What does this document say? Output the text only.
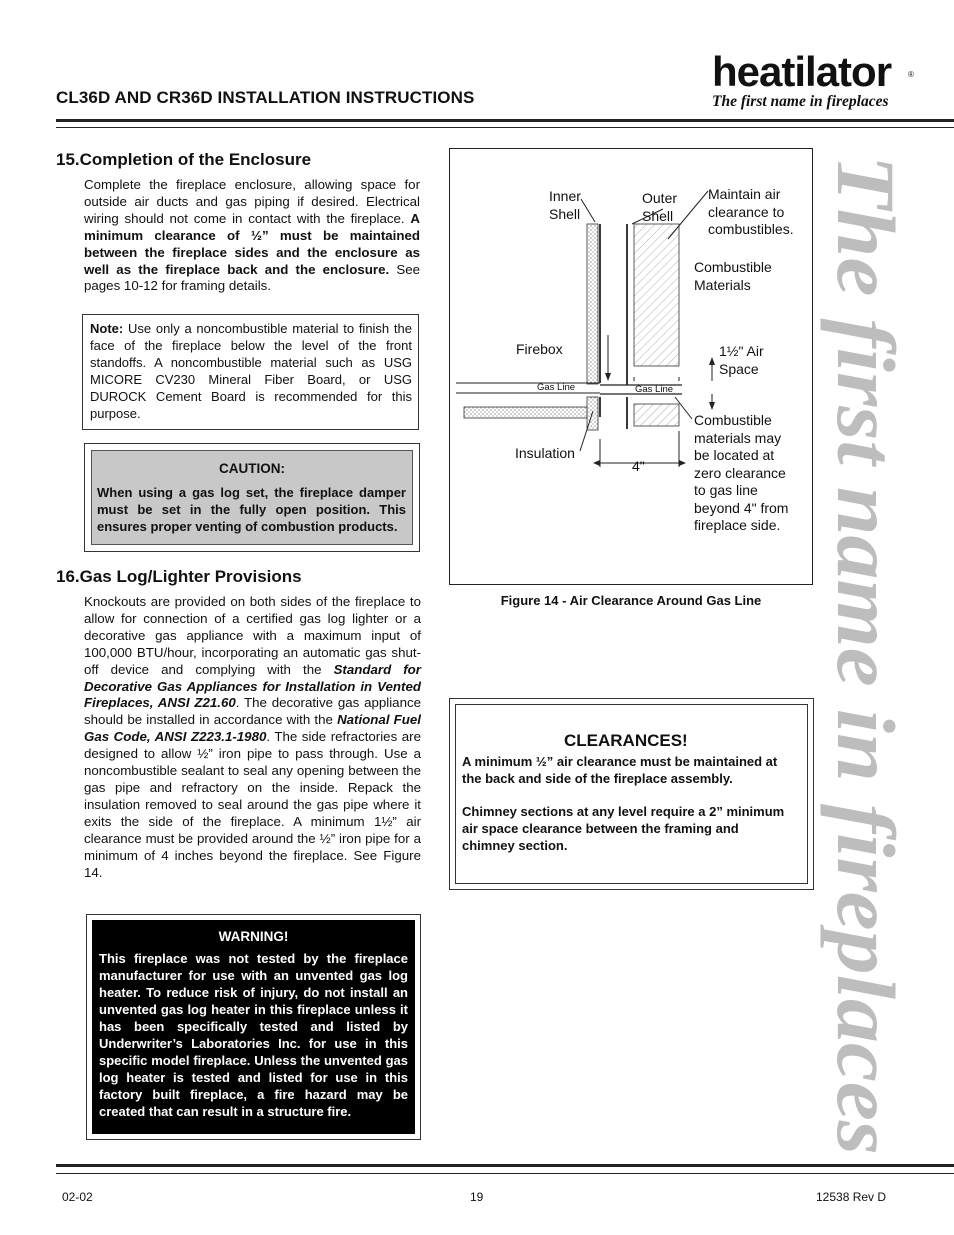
CL36D AND CR36D INSTALLATION INSTRUCTIONS
heatilator ®
The first name in fireplaces
15.Completion of the Enclosure
Complete the fireplace enclosure, allowing space for outside air ducts and gas piping if desired. Electrical wiring should not come in contact with the fireplace. A minimum clearance of ½” must be maintained between the fireplace sides and the enclosure as well as the fireplace back and the enclosure. See pages 10-12 for framing details.
Note: Use only a noncombustible material to finish the face of the fireplace below the level of the front standoffs. A noncombustible material such as USG MICORE CV230 Mineral Fiber Board, or USG DUROCK Cement Board is recommended for this purpose.
CAUTION:
When using a gas log set, the fireplace damper must be set in the fully open position. This ensures proper venting of combustion products.
16.Gas Log/Lighter Provisions
Knockouts are provided on both sides of the fireplace to allow for connection of a certified gas log lighter or a decorative gas appliance with a maximum input of 100,000 BTU/hour, incorporating an automatic gas shut-off device and complying with the Standard for Decorative Gas Appliances for Installation in Vented Fireplaces, ANSI Z21.60. The decorative gas appliance should be installed in accordance with the National Fuel Gas Code, ANSI Z223.1-1980. The side refractories are designed to allow ½” iron pipe to pass through. Use a noncombustible sealant to seal any opening between the gas pipe and refractory on the inside. Repack the insulation removed to seal around the gas pipe where it exits the side of the fireplace. A minimum 1½” air clearance must be provided around the ½” iron pipe for a minimum of 4 inches beyond the fireplace. See Figure 14.
WARNING!
This fireplace was not tested by the fireplace manufacturer for use with an unvented gas log heater. To reduce risk of injury, do not install an unvented gas log heater in this fireplace unless it has been specifically tested and listed by Underwriter’s Laboratories Inc. for use in this specific model fireplace. Unless the unvented gas log heater is tested and listed for use in this factory built fireplace, a fire hazard may be created that can result in a structure fire.
Inner
Shell
Outer
Shell
Maintain air
clearance to
combustibles.
Combustible
Materials
Firebox	1½" Air
Space
Gas Line	Gas Line
Combustible
materials may
be located at
zero clearance
to gas line
beyond 4" from
fireplace side.
Insulation
4"
Figure 14 - Air Clearance Around Gas Line
CLEARANCES!
A minimum ½” air clearance must be maintained at the back and side of the fireplace assembly.
Chimney sections at any level require a 2” minimum air space clearance between the framing and chimney section.	The first name in fireplaces
02-02	19	12538 Rev D
